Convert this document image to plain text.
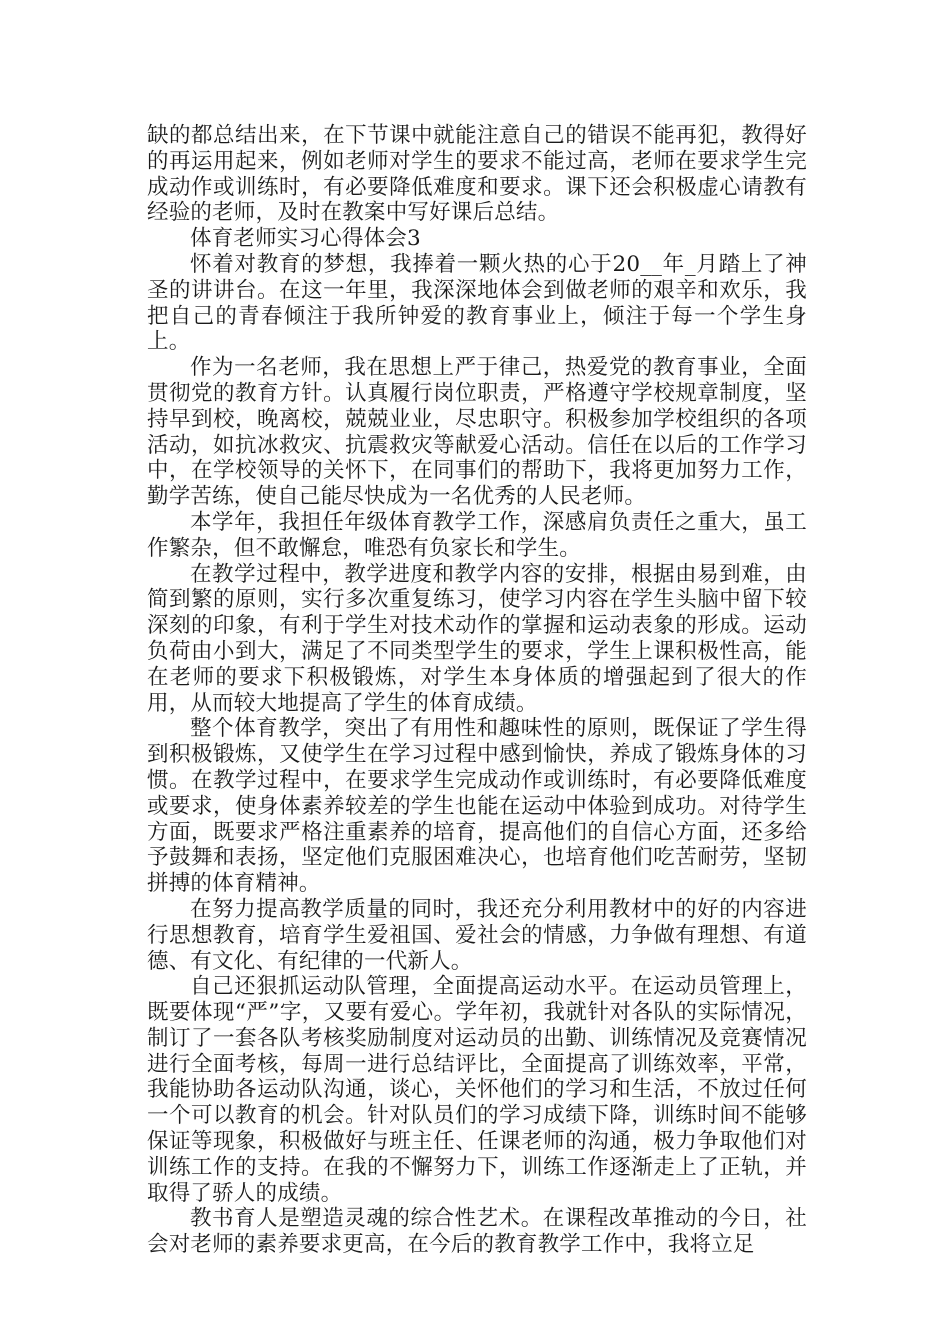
缺的都总结出来，在下节课中就能注意自己的错误不能再犯，教得好的再运用起来，例如老师对学生的要求不能过高，老师在要求学生完成动作或训练时，有必要降低难度和要求。课下还会积极虚心请教有经验的老师，及时在教案中写好课后总结。

体育老师实习心得体会3

怀着对教育的梦想，我捧着一颗火热的心于20__年_月踏上了神圣的讲讲台。在这一年里，我深深地体会到做老师的艰辛和欢乐，我把自己的青春倾注于我所钟爱的教育事业上，倾注于每一个学生身上。

作为一名老师，我在思想上严于律己，热爱党的教育事业，全面贯彻党的教育方针。认真履行岗位职责，严格遵守学校规章制度，坚持早到校，晚离校，兢兢业业，尽忠职守。积极参加学校组织的各项活动，如抗冰救灾、抗震救灾等献爱心活动。信任在以后的工作学习中，在学校领导的关怀下，在同事们的帮助下，我将更加努力工作，勤学苦练，使自己能尽快成为一名优秀的人民老师。

本学年，我担任年级体育教学工作，深感肩负责任之重大，虽工作繁杂，但不敢懈怠，唯恐有负家长和学生。

在教学过程中，教学进度和教学内容的安排，根据由易到难，由简到繁的原则，实行多次重复练习，使学习内容在学生头脑中留下较深刻的印象，有利于学生对技术动作的掌握和运动表象的形成。运动负荷由小到大，满足了不同类型学生的要求，学生上课积极性高，能在老师的要求下积极锻炼，对学生本身体质的增强起到了很大的作用，从而较大地提高了学生的体育成绩。

整个体育教学，突出了有用性和趣味性的原则，既保证了学生得到积极锻炼，又使学生在学习过程中感到愉快，养成了锻炼身体的习惯。在教学过程中，在要求学生完成动作或训练时，有必要降低难度或要求，使身体素养较差的学生也能在运动中体验到成功。对待学生方面，既要求严格注重素养的培育，提高他们的自信心方面，还多给予鼓舞和表扬，坚定他们克服困难决心，也培育他们吃苦耐劳，坚韧拼搏的体育精神。

在努力提高教学质量的同时，我还充分利用教材中的好的内容进行思想教育，培育学生爱祖国、爱社会的情感，力争做有理想、有道德、有文化、有纪律的一代新人。

自己还狠抓运动队管理，全面提高运动水平。在运动员管理上，既要体现“严”字，又要有爱心。学年初，我就针对各队的实际情况，制订了一套各队考核奖励制度对运动员的出勤、训练情况及竞赛情况进行全面考核，每周一进行总结评比，全面提高了训练效率，平常，我能协助各运动队沟通，谈心，关怀他们的学习和生活，不放过任何一个可以教育的机会。针对队员们的学习成绩下降，训练时间不能够保证等现象，积极做好与班主任、任课老师的沟通，极力争取他们对训练工作的支持。在我的不懈努力下，训练工作逐渐走上了正轨，并取得了骄人的成绩。

教书育人是塑造灵魂的综合性艺术。在课程改革推动的今日，社会对老师的素养要求更高，在今后的教育教学工作中，我将立足
